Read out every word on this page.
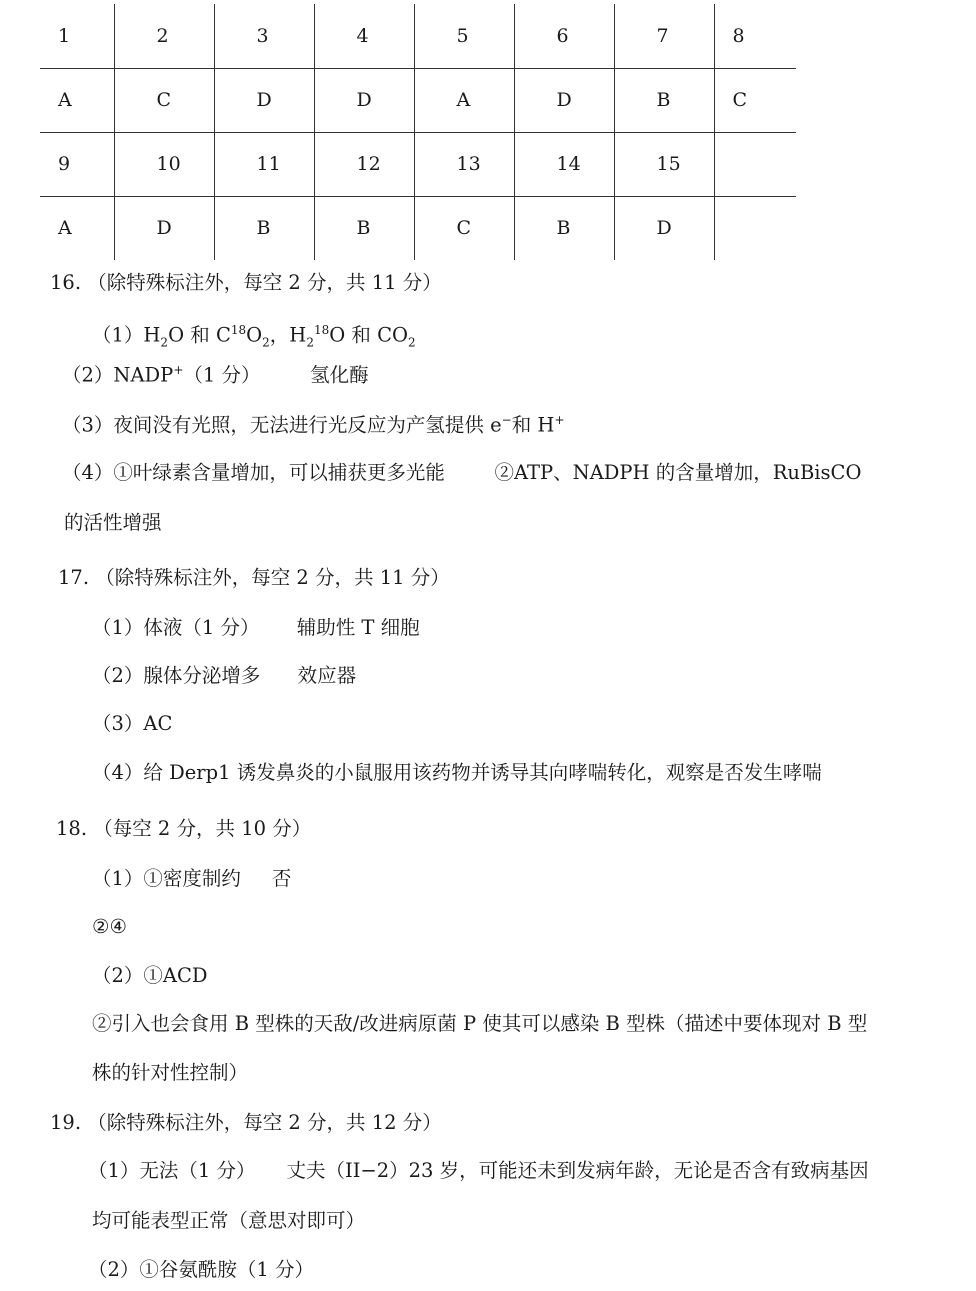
1	2	3	4	5	6	7	8
A	C	D	D	A	D	B	C
9	10	11	12	13	14	15	
A	D	B	B	C	B	D	
16. （除特殊标注外，每空 2 分，共 11 分）
$(1)H_2O$ 和 $C^{18}O_2$，$H_2^{18}O$ 和 $CO_2$
（2）NADP+（1 分）        氢化酶
（3）夜间没有光照，无法进行光反应为产氢提供 e−和 H+
（4）①叶绿素含量增加，可以捕获更多光能        ②ATP、NADPH 的含量增加，RuBisCO
的活性增强
17. （除特殊标注外，每空 2 分，共 11 分）
（1）体液（1 分）      辅助性 T 细胞
（2）腺体分泌增多      效应器
（3）AC
（4）给 Derp1 诱发鼻炎的小鼠服用该药物并诱导其向哮喘转化，观察是否发生哮喘
18. （每空 2 分，共 10 分）
（1）①密度制约     否
②④
（2）①ACD
②引入也会食用 B 型株的天敌/改进病原菌 P 使其可以感染 B 型株（描述中要体现对 B 型
株的针对性控制）
19. （除特殊标注外，每空 2 分，共 12 分）
（1）无法（1 分）     丈夫（II−2）23 岁，可能还未到发病年龄，无论是否含有致病基因
均可能表型正常（意思对即可）
（2）①谷氨酰胺（1 分）
